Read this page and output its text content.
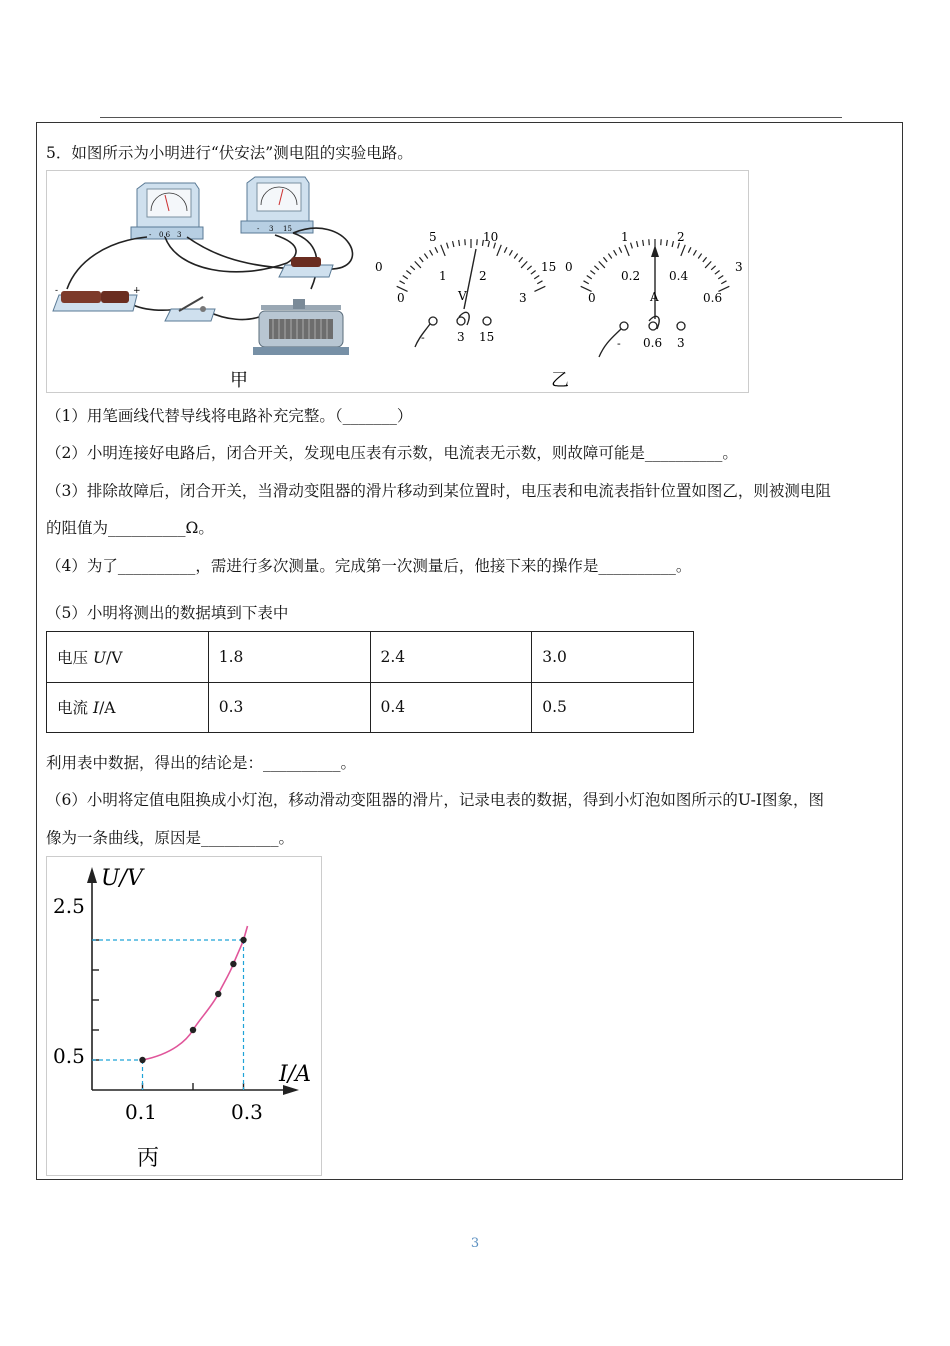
5．如图所示为小明进行“伏安法”测电阻的实验电路。
- 0.6 3
- 3 15
-	+
0
5	10
15
0
1	2
3
V
-	3 15
0
1	2
3
0
0.2 0.4
0.6
A
- 0.6 3
甲	乙
（1）用笔画线代替导线将电路补充完整。（_______）
（2）小明连接好电路后，闭合开关，发现电压表有示数，电流表无示数，则故障可能是__________。
（3）排除故障后，闭合开关，当滑动变阻器的滑片移动到某位置时，电压表和电流表指针位置如图乙，则被测电阻
的阻值为__________Ω。
（4）为了__________，需进行多次测量。完成第一次测量后，他接下来的操作是__________。
（5）小明将测出的数据填到下表中
电压 U/V	1.8	2.4	3.0
电流 I/A	0.3	0.4	0.5
利用表中数据，得出的结论是：__________。
（6）小明将定值电阻换成小灯泡，移动滑动变阻器的滑片，记录电表的数据，得到小灯泡如图所示的U-I图象，图
像为一条曲线，原因是__________。
U/V
I/A
2.5
0.5
0.1	0.3
丙
3
